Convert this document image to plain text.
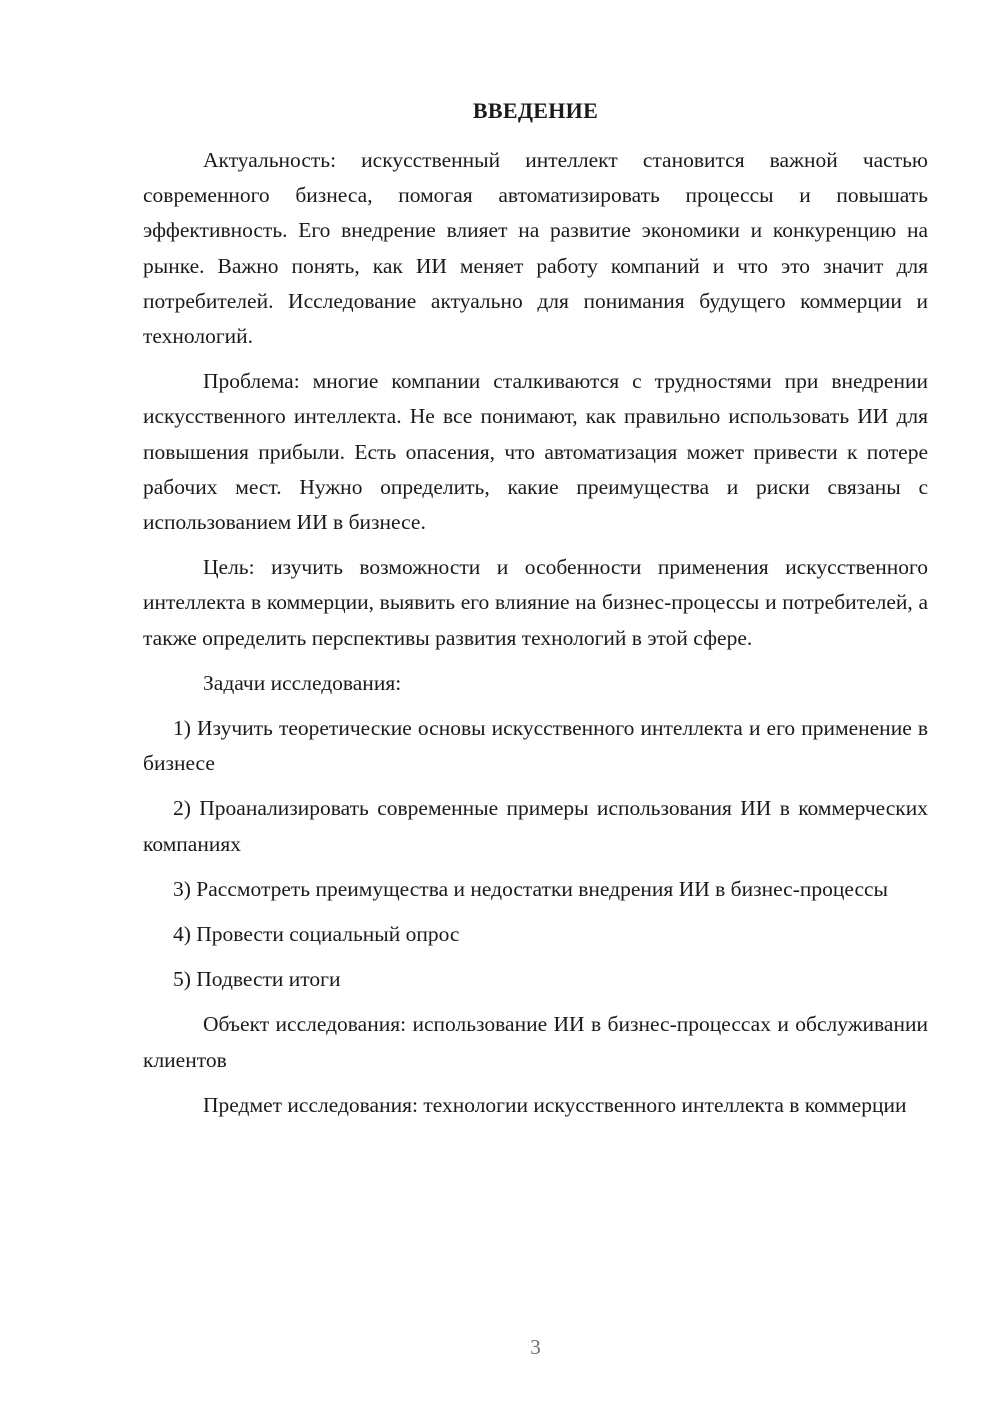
ВВЕДЕНИЕ

Актуальность: искусственный интеллект становится важной частью современного бизнеса, помогая автоматизировать процессы и повышать эффективность. Его внедрение влияет на развитие экономики и конкуренцию на рынке. Важно понять, как ИИ меняет работу компаний и что это значит для потребителей. Исследование актуально для понимания будущего коммерции и технологий.

Проблема: многие компании сталкиваются с трудностями при внедрении искусственного интеллекта. Не все понимают, как правильно использовать ИИ для повышения прибыли. Есть опасения, что автоматизация может привести к потере рабочих мест. Нужно определить, какие преимущества и риски связаны с использованием ИИ в бизнесе.

Цель: изучить возможности и особенности применения искусственного интеллекта в коммерции, выявить его влияние на бизнес-процессы и потребителей, а также определить перспективы развития технологий в этой сфере.

Задачи исследования:

1) Изучить теоретические основы искусственного интеллекта и его применение в бизнесе

2) Проанализировать современные примеры использования ИИ в коммерческих компаниях

3) Рассмотреть преимущества и недостатки внедрения ИИ в бизнес-процессы

4) Провести социальный опрос

5) Подвести итоги

Объект исследования: использование ИИ в бизнес-процессах и обслуживании клиентов

Предмет исследования: технологии искусственного интеллекта в коммерции

3
